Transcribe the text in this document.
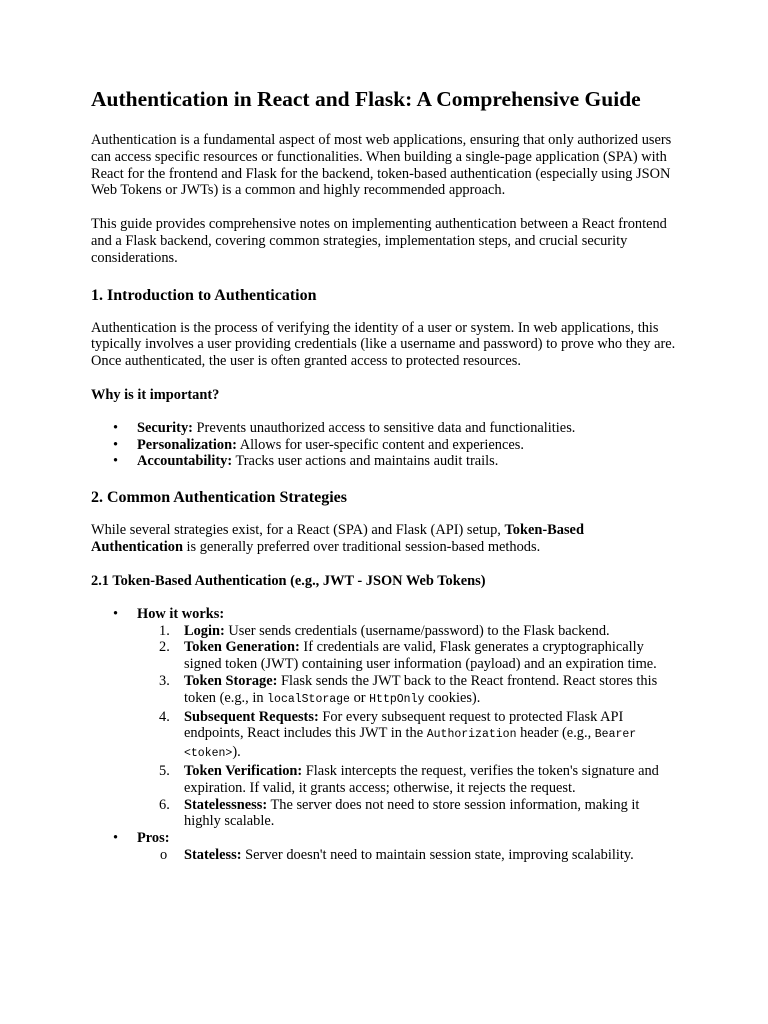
Authentication in React and Flask: A Comprehensive Guide

Authentication is a fundamental aspect of most web applications, ensuring that only authorized users can access specific resources or functionalities. When building a single-page application (SPA) with React for the frontend and Flask for the backend, token-based authentication (especially using JSON Web Tokens or JWTs) is a common and highly recommended approach.

This guide provides comprehensive notes on implementing authentication between a React frontend and a Flask backend, covering common strategies, implementation steps, and crucial security considerations.

1. Introduction to Authentication

Authentication is the process of verifying the identity of a user or system. In web applications, this typically involves a user providing credentials (like a username and password) to prove who they are. Once authenticated, the user is often granted access to protected resources.

Why is it important?

• Security: Prevents unauthorized access to sensitive data and functionalities.
• Personalization: Allows for user-specific content and experiences.
• Accountability: Tracks user actions and maintains audit trails.
2. Common Authentication Strategies

While several strategies exist, for a React (SPA) and Flask (API) setup, Token-Based Authentication is generally preferred over traditional session-based methods.

2.1 Token-Based Authentication (e.g., JWT - JSON Web Tokens)
• How it works:
1. Login: User sends credentials (username/password) to the Flask backend.
2. Token Generation: If credentials are valid, Flask generates a cryptographically signed token (JWT) containing user information (payload) and an expiration time.
3. Token Storage: Flask sends the JWT back to the React frontend. React stores this token (e.g., in localStorage or HttpOnly cookies).
4. Subsequent Requests: For every subsequent request to protected Flask API endpoints, React includes this JWT in the Authorization header (e.g., Bearer <token>).
5. Token Verification: Flask intercepts the request, verifies the token's signature and expiration. If valid, it grants access; otherwise, it rejects the request.
6. Statelessness: The server does not need to store session information, making it highly scalable.
• Pros:
o Stateless: Server doesn't need to maintain session state, improving scalability.
